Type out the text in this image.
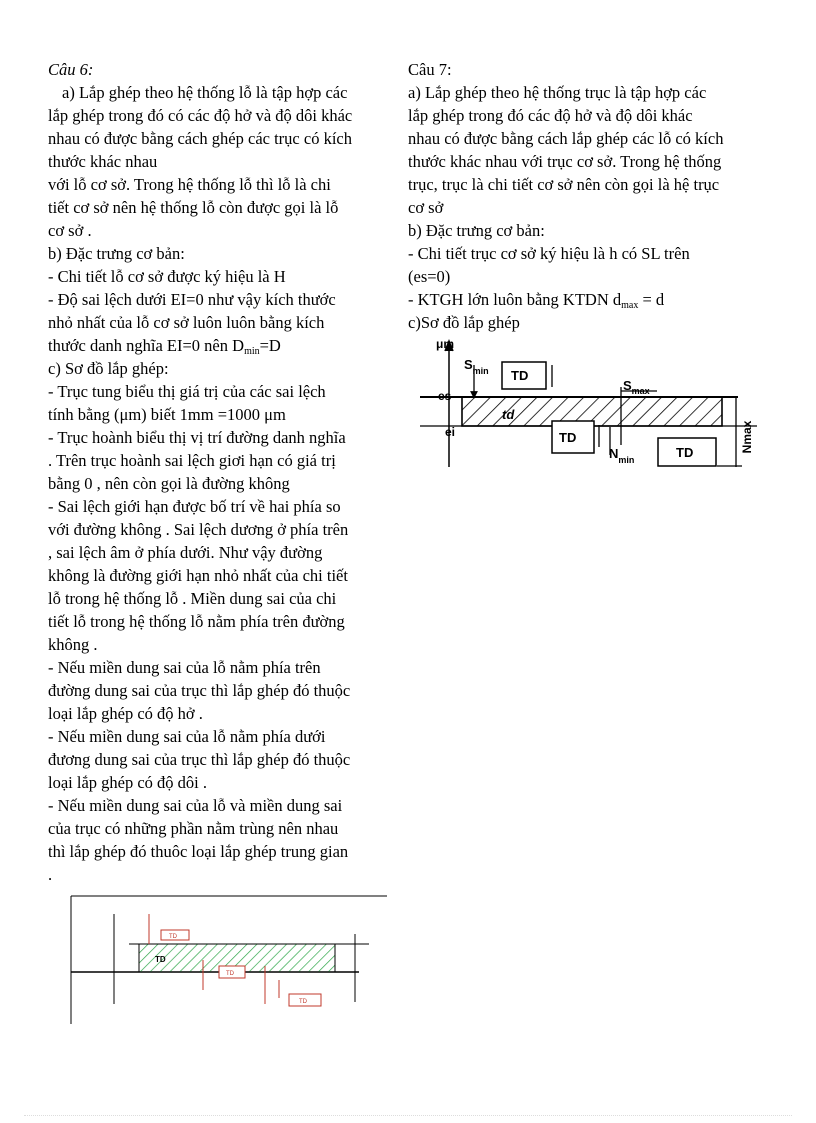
Câu 6:

a) Lắp ghép theo hệ thống lỗ là tập hợp các

lắp ghép trong đó có các độ hở và độ dôi khác

nhau có được bằng cách ghép các trục có kích

thước khác nhau

với lỗ cơ sở. Trong hệ thống lỗ thì lỗ là chi

tiết cơ sở nên hệ thống lỗ còn được gọi là lỗ

cơ sở .

b) Đặc trưng cơ bản:

- Chi tiết lỗ cơ sở được ký hiệu là H

- Độ sai lệch dưới EI=0 như vậy kích thước

nhỏ nhất của lỗ cơ sở luôn luôn bằng kích

thước danh nghĩa EI=0 nên $D_{min}=D$

c) Sơ đồ lắp ghép:

- Trục tung biểu thị giá trị của các sai lệch

tính bằng (μm) biết 1mm =1000 μm

- Trục hoành biểu thị vị trí đường danh nghĩa

. Trên trục hoành sai lệch giơi hạn có giá trị

bằng 0 , nên còn gọi là đường không

- Sai lệch giới hạn được bố trí về hai phía so

với đường không . Sai lệch dương ở phía trên

, sai lệch âm ở phía dưới. Như vậy đường

không là đường giới hạn nhỏ nhất của chi tiết

lỗ trong hệ thống lỗ . Miền dung sai của chi

tiết lỗ trong hệ thống lỗ nằm phía trên đường

không .

- Nếu miền dung sai của lỗ nằm phía trên

đường dung sai của trục thì lắp ghép đó thuộc

loại lắp ghép có độ hở .

- Nếu miền dung sai của lỗ nằm phía dưới

đương dung sai của trục thì lắp ghép đó thuộc

loại lắp ghép có độ dôi .

- Nếu miền dung sai của lỗ và miền dung sai

của trục có những phần nằm trùng nên nhau

thì lắp ghép đó thuôc loại lắp ghép trung gian

.

Câu 7:

a) Lắp ghép theo hệ thống trục là tập hợp các

lắp ghép trong đó các độ hở và độ dôi khác

nhau có được bằng cách lắp ghép các lỗ có kích

thước khác nhau với trục cơ sở. Trong hệ thống

trục, trục là chi tiết cơ sở nên còn gọi là hệ trục

cơ sở

b) Đặc trưng cơ bản:

- Chi tiết trục cơ sở ký hiệu là h có SL trên

(es=0)

- KTGH lớn luôn bằng KTDN $d_{max} = d$

c)Sơ đồ lắp ghép

μm
es
ei
td
TD
TD
TD
$S_{min}$
$S_{max}$
$N_{min}$
Nmax
TD
TD
TD
TD
